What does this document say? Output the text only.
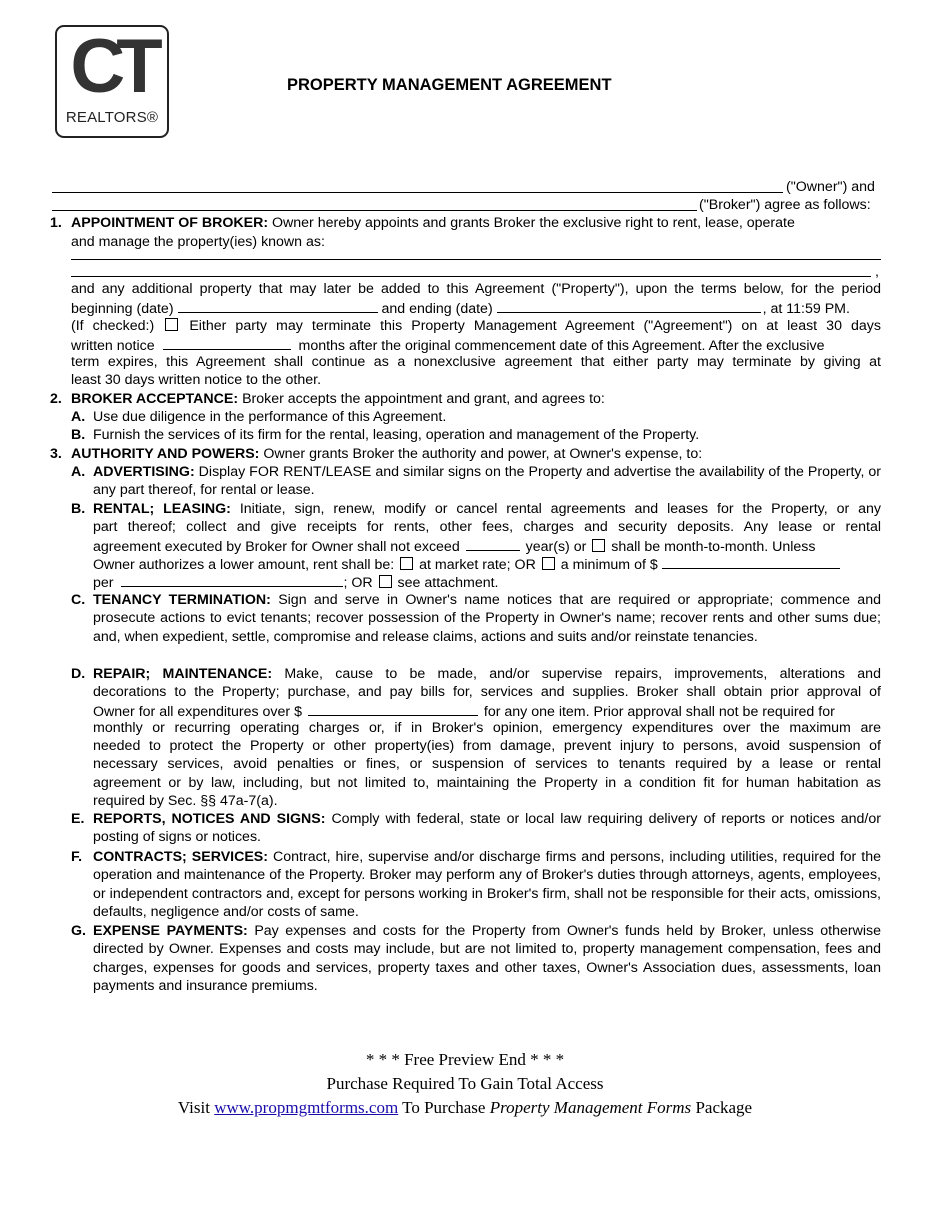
CT
REALTORS®
PROPERTY MANAGEMENT AGREEMENT
("Owner") and
("Broker") agree as follows:
1. APPOINTMENT OF BROKER: Owner hereby appoints and grants Broker the exclusive right to rent, lease, operate
and manage the property(ies) known as:
,
and any additional property that may later be added to this Agreement ("Property"), upon the terms below, for the period
beginning (date)	and ending (date)	, at 11:59 PM.
(If checked:) Either party may terminate this Property Management Agreement ("Agreement") on at least 30 days
written notice	months after the original commencement date of this Agreement. After the exclusive
term expires, this Agreement shall continue as a nonexclusive agreement that either party may terminate by giving at
least 30 days written notice to the other.
2. BROKER ACCEPTANCE: Broker accepts the appointment and grant, and agrees to:
A. Use due diligence in the performance of this Agreement.
B. Furnish the services of its firm for the rental, leasing, operation and management of the Property.
3. AUTHORITY AND POWERS: Owner grants Broker the authority and power, at Owner's expense, to:
A. ADVERTISING: Display FOR RENT/LEASE and similar signs on the Property and advertise the availability of the Property, or any part thereof, for rental or lease.
B. RENTAL; LEASING: Initiate, sign, renew, modify or cancel rental agreements and leases for the Property, or any
part thereof; collect and give receipts for rents, other fees, charges and security deposits. Any lease or rental
agreement executed by Broker for Owner shall not exceed	year(s) or shall be month-to-month. Unless
Owner authorizes a lower amount, rent shall be: at market rate; OR a minimum of $
per	; OR see attachment.
C. TENANCY TERMINATION: Sign and serve in Owner's name notices that are required or appropriate; commence and prosecute actions to evict tenants; recover possession of the Property in Owner's name; recover rents and other sums due; and, when expedient, settle, compromise and release claims, actions and suits and/or reinstate tenancies.
D. REPAIR; MAINTENANCE: Make, cause to be made, and/or supervise repairs, improvements, alterations and
decorations to the Property; purchase, and pay bills for, services and supplies. Broker shall obtain prior approval of
Owner for all expenditures over $	for any one item. Prior approval shall not be required for
monthly or recurring operating charges or, if in Broker's opinion, emergency expenditures over the maximum are
needed to protect the Property or other property(ies) from damage, prevent injury to persons, avoid suspension of
necessary services, avoid penalties or fines, or suspension of services to tenants required by a lease or rental
agreement or by law, including, but not limited to, maintaining the Property in a condition fit for human habitation as
required by Sec. §§ 47a-7(a).
E. REPORTS, NOTICES AND SIGNS: Comply with federal, state or local law requiring delivery of reports or notices and/or posting of signs or notices.
F. CONTRACTS; SERVICES: Contract, hire, supervise and/or discharge firms and persons, including utilities, required for the operation and maintenance of the Property. Broker may perform any of Broker's duties through attorneys, agents, employees, or independent contractors and, except for persons working in Broker's firm, shall not be responsible for their acts, omissions, defaults, negligence and/or costs of same.
G. EXPENSE PAYMENTS: Pay expenses and costs for the Property from Owner's funds held by Broker, unless otherwise directed by Owner. Expenses and costs may include, but are not limited to, property management compensation, fees and charges, expenses for goods and services, property taxes and other taxes, Owner's Association dues, assessments, loan payments and insurance premiums.
* * * Free Preview End * * *
Purchase Required To Gain Total Access
Visit www.propmgmtforms.com To Purchase Property Management Forms Package
